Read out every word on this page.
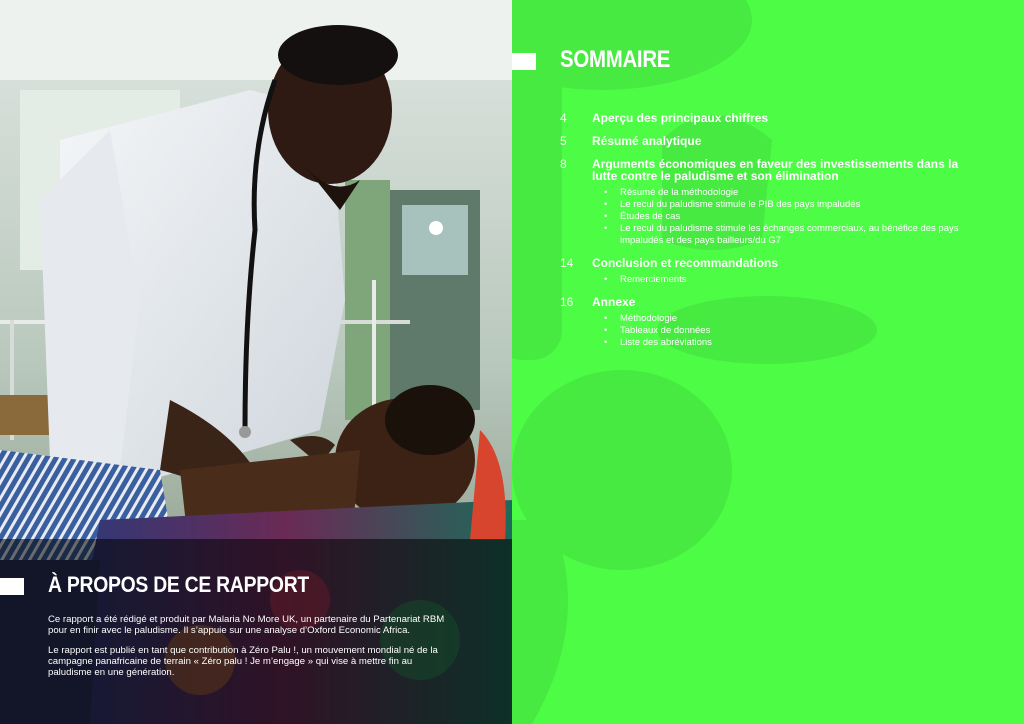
À PROPOS DE CE RAPPORT
Ce rapport a été rédigé et produit par Malaria No More UK, un partenaire du Partenariat RBM pour en finir avec le paludisme. Il s’appuie sur une analyse d’Oxford Economic Africa.
Le rapport est publié en tant que contribution à Zéro Palu !, un mouvement mondial né de la campagne panafricaine de terrain « Zéro palu ! Je m’engage » qui vise à mettre fin au paludisme en une génération.
SOMMAIRE
4	Aperçu des principaux chiffres
5	Résumé analytique
8	Arguments économiques en faveur des investissements dans la lutte contre le paludisme et son élimination
• Résumé de la méthodologie
• Le recul du paludisme stimule le PIB des pays impaludés
• Études de cas
• Le recul du paludisme stimule les échanges commerciaux, au bénéfice des pays impaludés et des pays bailleurs/du G7
14	Conclusion et recommandations
• Remerciements
16	Annexe
• Méthodologie
• Tableaux de données
• Liste des abréviations
